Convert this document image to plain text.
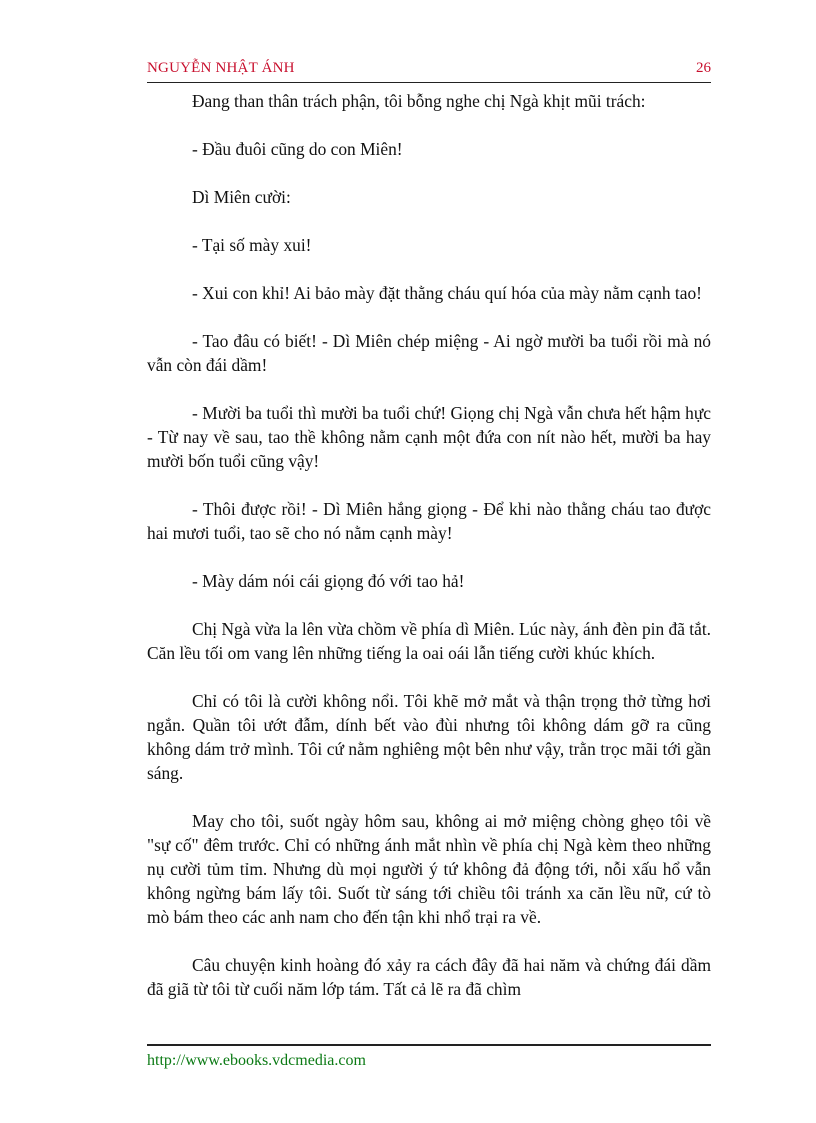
NGUYỄN NHẬT ÁNH	26

Đang than thân trách phận, tôi bỗng nghe chị Ngà khịt mũi trách:

- Đầu đuôi cũng do con Miên!

Dì Miên cười:

- Tại số mày xui!

- Xui con khỉ! Ai bảo mày đặt thằng cháu quí hóa của mày nằm cạnh tao!

- Tao đâu có biết! - Dì Miên chép miệng - Ai ngờ mười ba tuổi rồi mà nó vẫn còn đái dầm!

- Mười ba tuổi thì mười ba tuổi chứ! Giọng chị Ngà vẫn chưa hết hậm hực - Từ nay về sau, tao thề không nằm cạnh một đứa con nít nào hết, mười ba hay mười bốn tuổi cũng vậy!

- Thôi được rồi! - Dì Miên hắng giọng - Để khi nào thằng cháu tao được hai mươi tuổi, tao sẽ cho nó nằm cạnh mày!

- Mày dám nói cái giọng đó với tao hả!

Chị Ngà vừa la lên vừa chồm về phía dì Miên. Lúc này, ánh đèn pin đã tắt. Căn lều tối om vang lên những tiếng la oai oái lẫn tiếng cười khúc khích.

Chỉ có tôi là cười không nổi. Tôi khẽ mở mắt và thận trọng thở từng hơi ngắn. Quần tôi ướt đẫm, dính bết vào đùi nhưng tôi không dám gỡ ra cũng không dám trở mình. Tôi cứ nằm nghiêng một bên như vậy, trằn trọc mãi tới gần sáng.

May cho tôi, suốt ngày hôm sau, không ai mở miệng chòng ghẹo tôi về "sự cố" đêm trước. Chỉ có những ánh mắt nhìn về phía chị Ngà kèm theo những nụ cười tủm tỉm. Nhưng dù mọi người ý tứ không đả động tới, nỗi xấu hổ vẫn không ngừng bám lấy tôi. Suốt từ sáng tới chiều tôi tránh xa căn lều nữ, cứ tò mò bám theo các anh nam cho đến tận khi nhổ trại ra về.

Câu chuyện kinh hoàng đó xảy ra cách đây đã hai năm và chứng đái dầm đã giã từ tôi từ cuối năm lớp tám. Tất cả lẽ ra đã chìm

http://www.ebooks.vdcmedia.com
